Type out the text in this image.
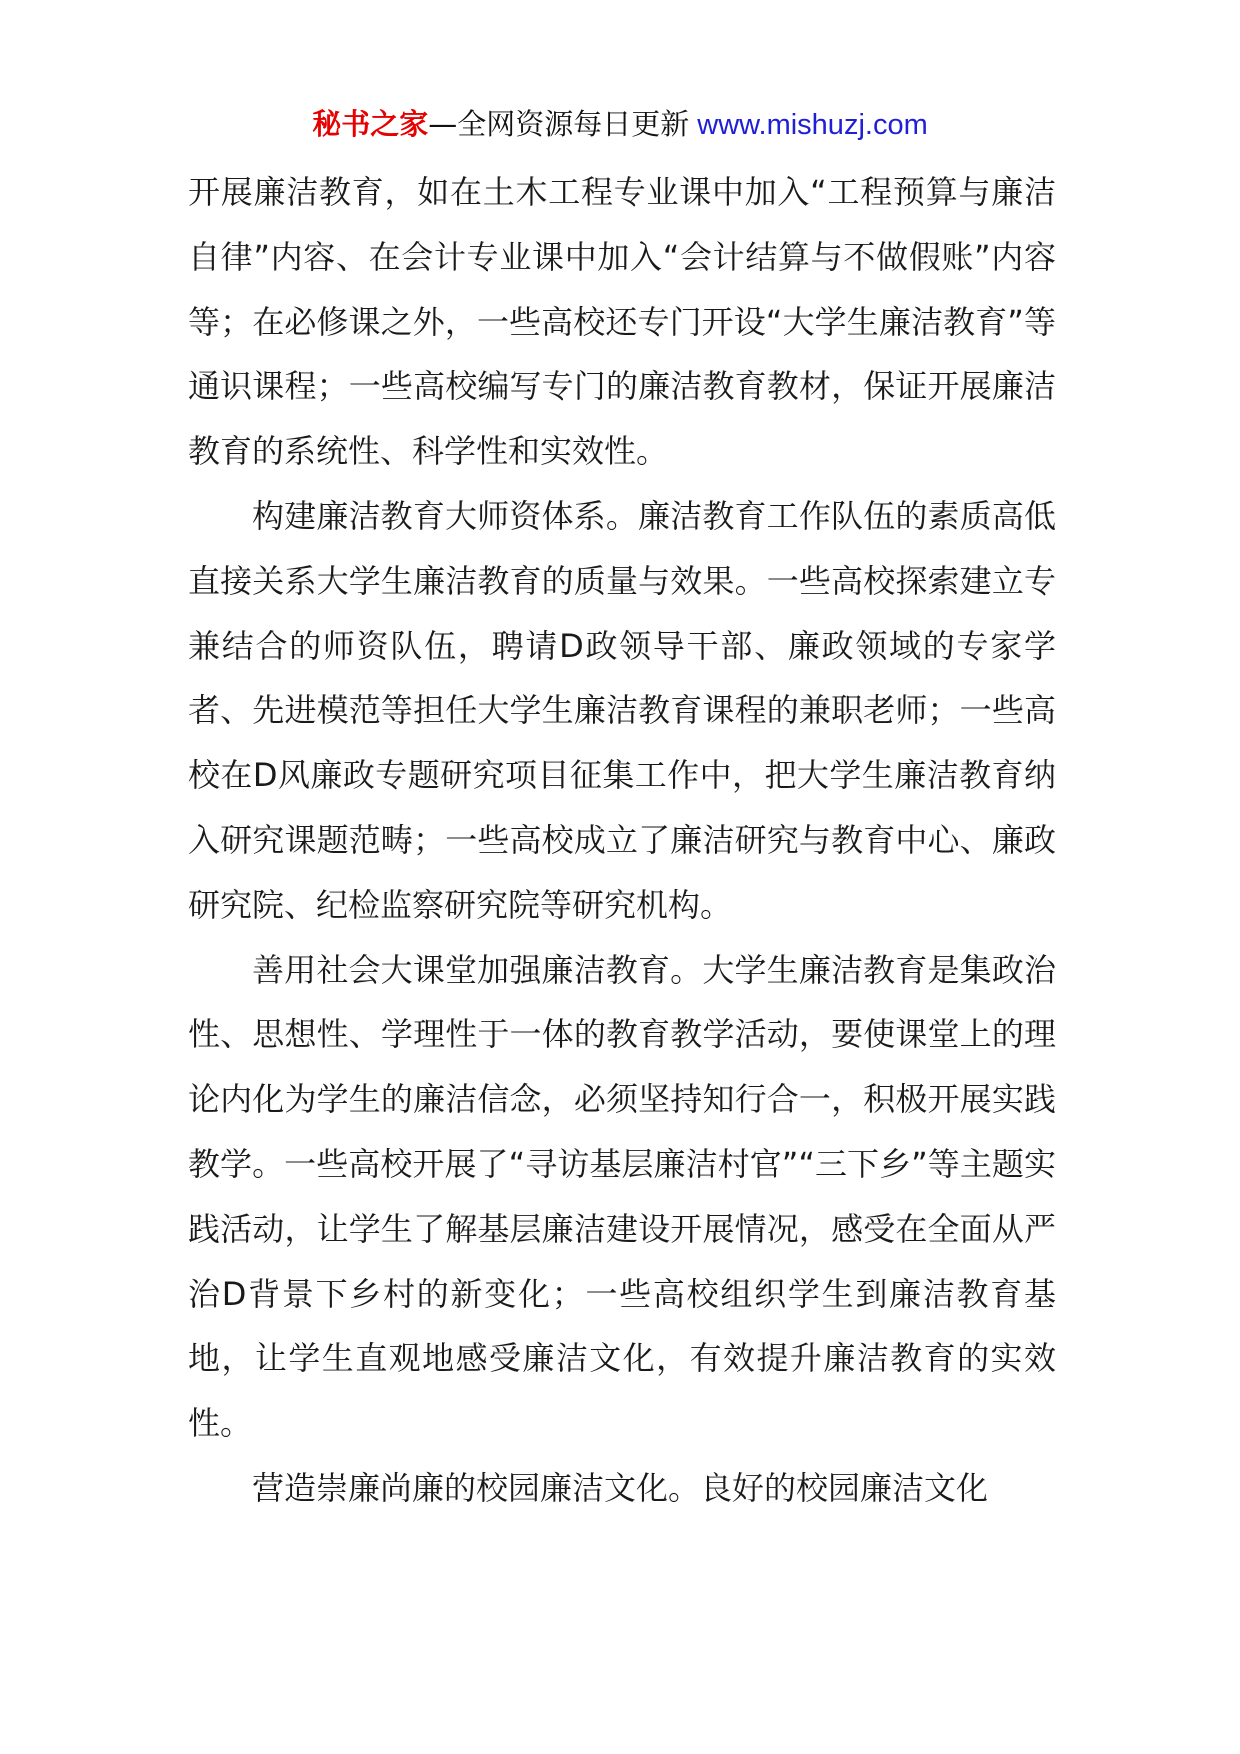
秘书之家—全网资源每日更新 www.mishuzj.com

开展廉洁教育，如在土木工程专业课中加入“工程预算与廉洁自律”内容、在会计专业课中加入“会计结算与不做假账”内容等；在必修课之外，一些高校还专门开设“大学生廉洁教育”等通识课程；一些高校编写专门的廉洁教育教材，保证开展廉洁教育的系统性、科学性和实效性。

构建廉洁教育大师资体系。廉洁教育工作队伍的素质高低直接关系大学生廉洁教育的质量与效果。一些高校探索建立专兼结合的师资队伍，聘请D政领导干部、廉政领域的专家学者、先进模范等担任大学生廉洁教育课程的兼职老师；一些高校在D风廉政专题研究项目征集工作中，把大学生廉洁教育纳入研究课题范畴；一些高校成立了廉洁研究与教育中心、廉政研究院、纪检监察研究院等研究机构。

善用社会大课堂加强廉洁教育。大学生廉洁教育是集政治性、思想性、学理性于一体的教育教学活动，要使课堂上的理论内化为学生的廉洁信念，必须坚持知行合一，积极开展实践教学。一些高校开展了“寻访基层廉洁村官”“三下乡”等主题实践活动，让学生了解基层廉洁建设开展情况，感受在全面从严治D背景下乡村的新变化；一些高校组织学生到廉洁教育基地，让学生直观地感受廉洁文化，有效提升廉洁教育的实效性。

营造崇廉尚廉的校园廉洁文化。良好的校园廉洁文化
